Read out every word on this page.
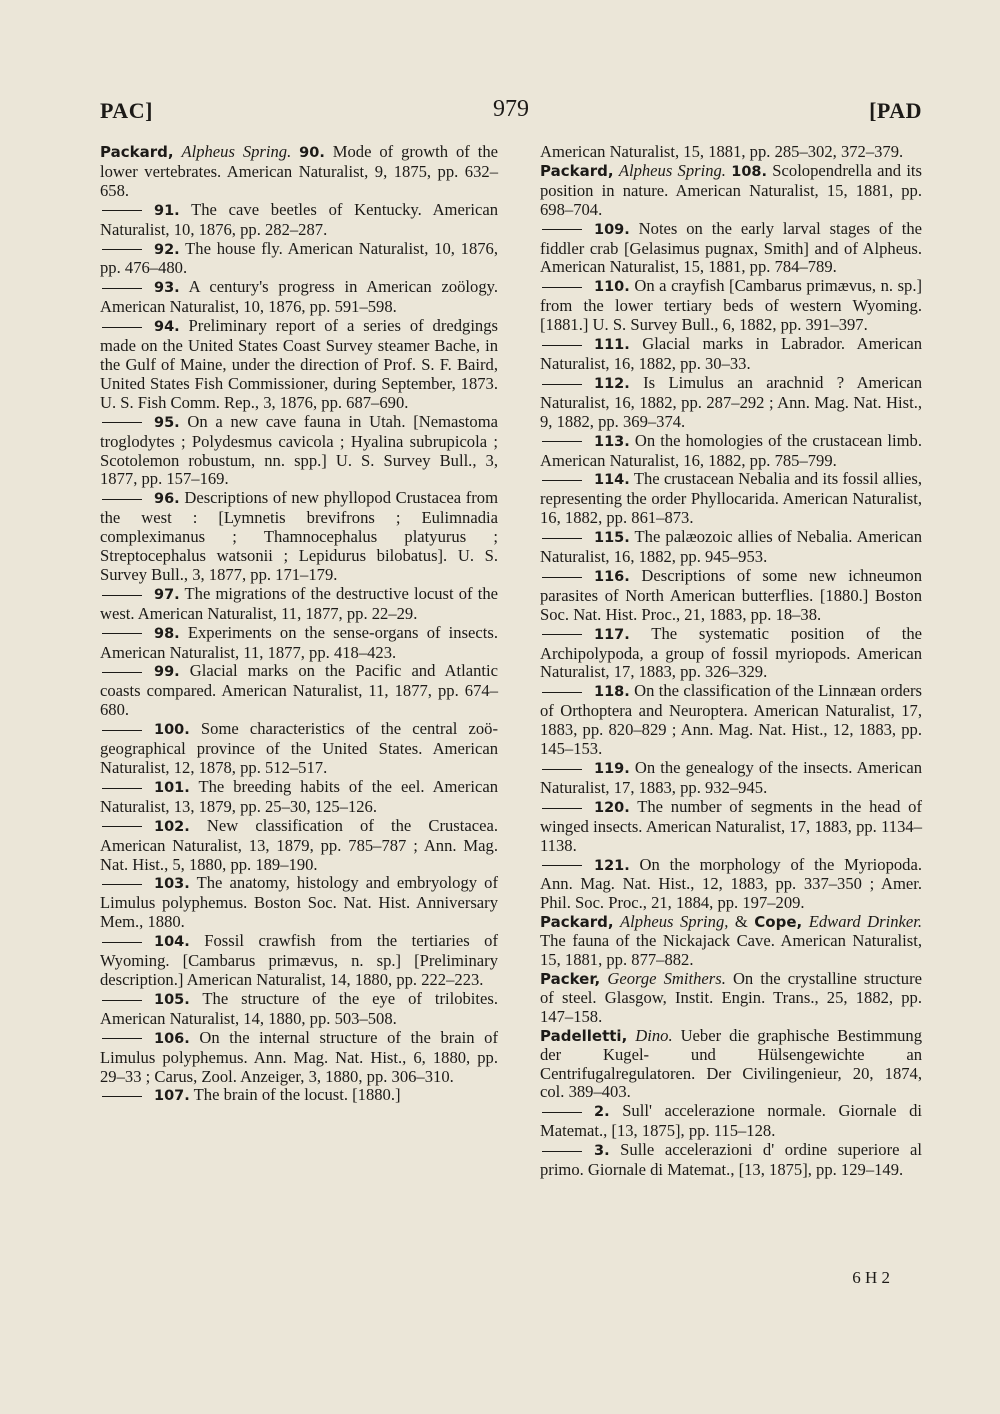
PAC]	979	[PAD

Packard, Alpheus Spring. 90. Mode of growth of the lower vertebrates. American Naturalist, 9, 1875, pp. 632–658.

91. The cave beetles of Kentucky. American Naturalist, 10, 1876, pp. 282–287.

92. The house fly. American Naturalist, 10, 1876, pp. 476–480.

93. A century's progress in American zoölogy. American Naturalist, 10, 1876, pp. 591–598.

94. Preliminary report of a series of dredgings made on the United States Coast Survey steamer Bache, in the Gulf of Maine, under the direction of Prof. S. F. Baird, United States Fish Commissioner, during September, 1873. U. S. Fish Comm. Rep., 3, 1876, pp. 687–690.

95. On a new cave fauna in Utah. [Nemastoma troglodytes ; Polydesmus cavicola ; Hyalina subrupicola ; Scotolemon robustum, nn. spp.] U. S. Survey Bull., 3, 1877, pp. 157–169.

96. Descriptions of new phyllopod Crustacea from the west : [Lymnetis brevifrons ; Eulimnadia compleximanus ; Thamnocephalus platyurus ; Streptocephalus watsonii ; Lepidurus bilobatus]. U. S. Survey Bull., 3, 1877, pp. 171–179.

97. The migrations of the destructive locust of the west. American Naturalist, 11, 1877, pp. 22–29.

98. Experiments on the sense-organs of insects. American Naturalist, 11, 1877, pp. 418–423.

99. Glacial marks on the Pacific and Atlantic coasts compared. American Naturalist, 11, 1877, pp. 674–680.

100. Some characteristics of the central zoö-geographical province of the United States. American Naturalist, 12, 1878, pp. 512–517.

101. The breeding habits of the eel. American Naturalist, 13, 1879, pp. 25–30, 125–126.

102. New classification of the Crustacea. American Naturalist, 13, 1879, pp. 785–787 ; Ann. Mag. Nat. Hist., 5, 1880, pp. 189–190.

103. The anatomy, histology and embryology of Limulus polyphemus. Boston Soc. Nat. Hist. Anniversary Mem., 1880.

104. Fossil crawfish from the tertiaries of Wyoming. [Cambarus primævus, n. sp.] [Preliminary description.] American Naturalist, 14, 1880, pp. 222–223.

105. The structure of the eye of trilobites. American Naturalist, 14, 1880, pp. 503–508.

106. On the internal structure of the brain of Limulus polyphemus. Ann. Mag. Nat. Hist., 6, 1880, pp. 29–33 ; Carus, Zool. Anzeiger, 3, 1880, pp. 306–310.

107. The brain of the locust. [1880.]

American Naturalist, 15, 1881, pp. 285–302, 372–379.

Packard, Alpheus Spring. 108. Scolopendrella and its position in nature. American Naturalist, 15, 1881, pp. 698–704.

109. Notes on the early larval stages of the fiddler crab [Gelasimus pugnax, Smith] and of Alpheus. American Naturalist, 15, 1881, pp. 784–789.

110. On a crayfish [Cambarus primævus, n. sp.] from the lower tertiary beds of western Wyoming. [1881.] U. S. Survey Bull., 6, 1882, pp. 391–397.

111. Glacial marks in Labrador. American Naturalist, 16, 1882, pp. 30–33.

112. Is Limulus an arachnid ? American Naturalist, 16, 1882, pp. 287–292 ; Ann. Mag. Nat. Hist., 9, 1882, pp. 369–374.

113. On the homologies of the crustacean limb. American Naturalist, 16, 1882, pp. 785–799.

114. The crustacean Nebalia and its fossil allies, representing the order Phyllocarida. American Naturalist, 16, 1882, pp. 861–873.

115. The palæozoic allies of Nebalia. American Naturalist, 16, 1882, pp. 945–953.

116. Descriptions of some new ichneumon parasites of North American butterflies. [1880.] Boston Soc. Nat. Hist. Proc., 21, 1883, pp. 18–38.

117. The systematic position of the Archipolypoda, a group of fossil myriopods. American Naturalist, 17, 1883, pp. 326–329.

118. On the classification of the Linnæan orders of Orthoptera and Neuroptera. American Naturalist, 17, 1883, pp. 820–829 ; Ann. Mag. Nat. Hist., 12, 1883, pp. 145–153.

119. On the genealogy of the insects. American Naturalist, 17, 1883, pp. 932–945.

120. The number of segments in the head of winged insects. American Naturalist, 17, 1883, pp. 1134–1138.

121. On the morphology of the Myriopoda. Ann. Mag. Nat. Hist., 12, 1883, pp. 337–350 ; Amer. Phil. Soc. Proc., 21, 1884, pp. 197–209.

Packard, Alpheus Spring, & Cope, Edward Drinker. The fauna of the Nickajack Cave. American Naturalist, 15, 1881, pp. 877–882.

Packer, George Smithers. On the crystalline structure of steel. Glasgow, Instit. Engin. Trans., 25, 1882, pp. 147–158.

Padelletti, Dino. Ueber die graphische Bestimmung der Kugel- und Hülsengewichte an Centrifugalregulatoren. Der Civilingenieur, 20, 1874, col. 389–403.

2. Sull' accelerazione normale. Giornale di Matemat., [13, 1875], pp. 115–128.

3. Sulle accelerazioni d' ordine superiore al primo. Giornale di Matemat., [13, 1875], pp. 129–149.

6 H 2
